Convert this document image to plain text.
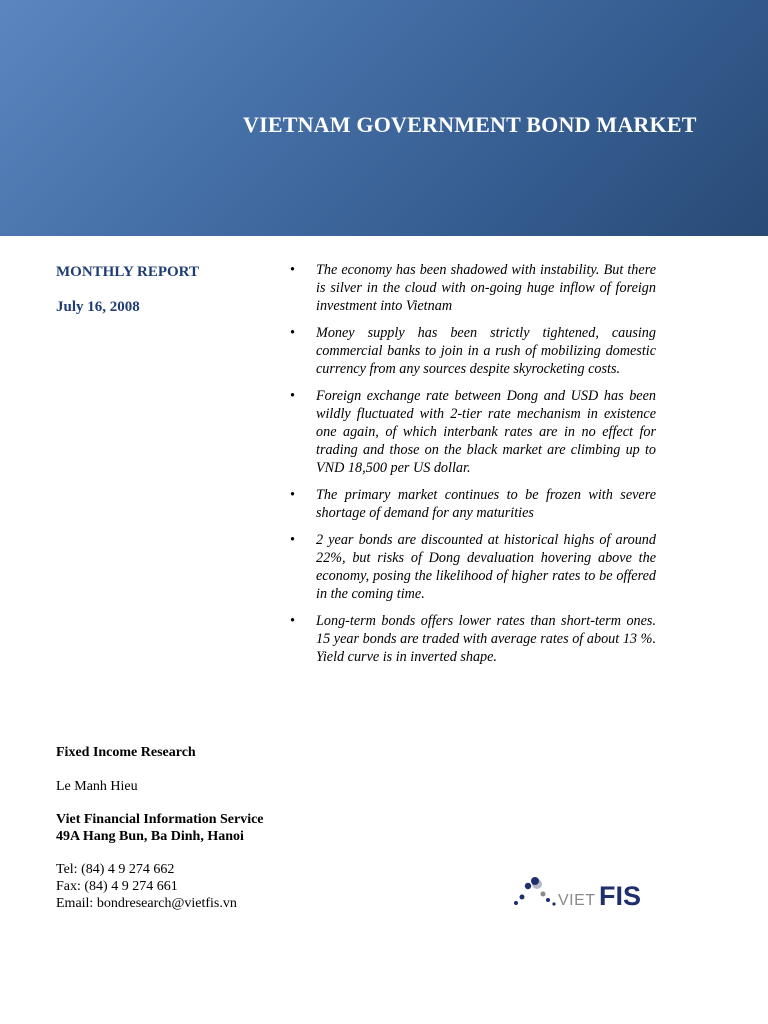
VIETNAM GOVERNMENT BOND MARKET
MONTHLY REPORT
July 16, 2008
• The economy has been shadowed with instability. But there is silver in the cloud with on-going huge inflow of foreign investment into Vietnam
• Money supply has been strictly tightened, causing commercial banks to join in a rush of mobilizing domestic currency from any sources despite skyrocketing costs.
• Foreign exchange rate between Dong and USD has been wildly fluctuated with 2-tier rate mechanism in existence one again, of which interbank rates are in no effect for trading and those on the black market are climbing up to VND 18,500 per US dollar.
• The primary market continues to be frozen with severe shortage of demand for any maturities
• 2 year bonds are discounted at historical highs of around 22%, but risks of Dong devaluation hovering above the economy, posing the likelihood of higher rates to be offered in the coming time.
• Long-term bonds offers lower rates than short-term ones. 15 year bonds are traded with average rates of about 13 %. Yield curve is in inverted shape.
Fixed Income Research
Le Manh Hieu
Viet Financial Information Service
49A Hang Bun, Ba Dinh, Hanoi
Tel: (84) 4 9 274 662
Fax: (84) 4 9 274 661
Email: bondresearch@vietfis.vn	VIET FIS
